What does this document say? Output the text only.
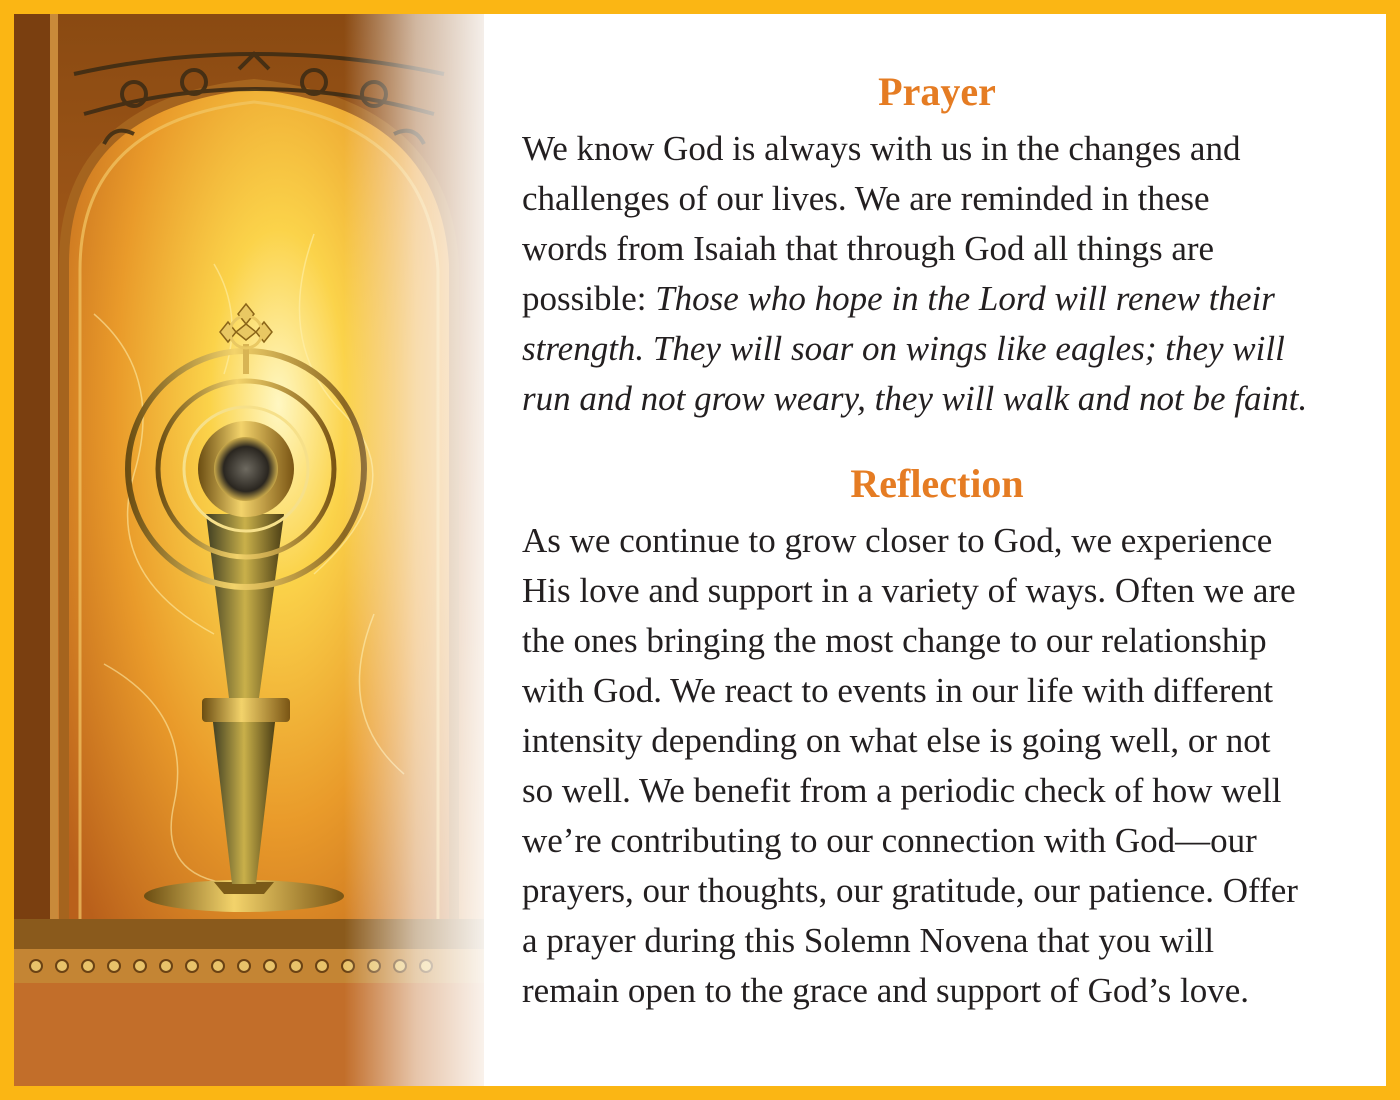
Prayer
We know God is always with us in the changes and
challenges of our lives. We are reminded in these
words from Isaiah that through God all things are
possible: Those who hope in the Lord will renew their
strength. They will soar on wings like eagles; they will
run and not grow weary, they will walk and not be faint.
Reflection
As we continue to grow closer to God, we experience
His love and support in a variety of ways. Often we are
the ones bringing the most change to our relationship
with God. We react to events in our life with different
intensity depending on what else is going well, or not
so well. We benefit from a periodic check of how well
we’re contributing to our connection with God—our
prayers, our thoughts, our gratitude, our patience. Offer
a prayer during this Solemn Novena that you will
remain open to the grace and support of God’s love.
